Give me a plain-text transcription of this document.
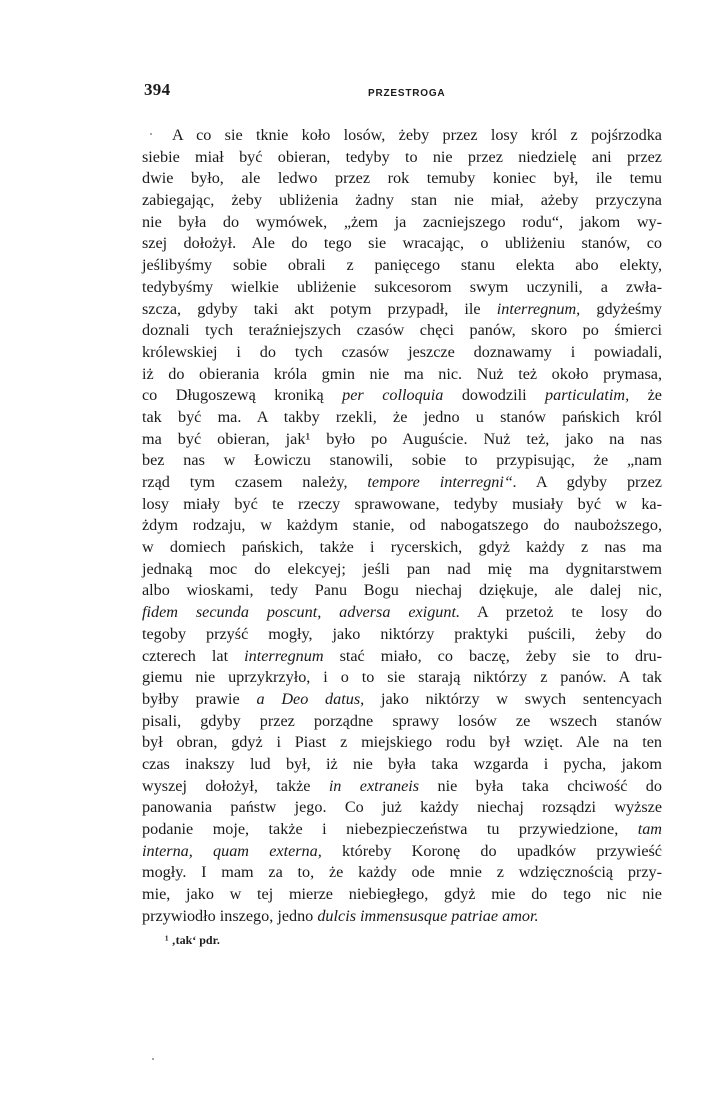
394	PRZESTROGA
A co sie tknie koło losów, żeby przez losy król z pojśrzodka
siebie miał być obieran, tedyby to nie przez niedzielę ani przez
dwie było, ale ledwo przez rok temuby koniec był, ile temu
zabiegając, żeby ubliżenia żadny stan nie miał, ażeby przyczyna
nie była do wymówek, „żem ja zacniejszego rodu“, jakom wy-
szej dołożył. Ale do tego sie wracając, o ubliżeniu stanów, co
jeślibyśmy sobie obrali z panięcego stanu elekta abo elekty,
tedybyśmy wielkie ubliżenie sukcesorom swym uczynili, a zwła-
szcza, gdyby taki akt potym przypadł, ile interregnum, gdyżeśmy
doznali tych teraźniejszych czasów chęci panów, skoro po śmierci
królewskiej i do tych czasów jeszcze doznawamy i powiadali,
iż do obierania króla gmin nie ma nic. Nuż też około prymasa,
co Długoszewą kroniką per colloquia dowodzili particulatim, że
tak być ma. A takby rzekli, że jedno u stanów pańskich król
ma być obieran, jak¹ było po Auguście. Nuż też, jako na nas
bez nas w Łowiczu stanowili, sobie to przypisując, że „nam
rząd tym czasem należy, tempore interregni“. A gdyby przez
losy miały być te rzeczy sprawowane, tedyby musiały być w ka-
żdym rodzaju, w każdym stanie, od nabogatszego do nauboższego,
w domiech pańskich, także i rycerskich, gdyż każdy z nas ma
jednaką moc do elekcyej; jeśli pan nad mię ma dygnitarstwem
albo wioskami, tedy Panu Bogu niechaj dziękuje, ale dalej nic,
fidem secunda poscunt, adversa exigunt. A przetoż te losy do
tegoby przyść mogły, jako niktórzy praktyki puścili, żeby do
czterech lat interregnum stać miało, co baczę, żeby sie to dru-
giemu nie uprzykrzyło, i o to sie starają niktórzy z panów. A tak
byłby prawie a Deo datus, jako niktórzy w swych sentencyach
pisali, gdyby przez porządne sprawy losów ze wszech stanów
był obran, gdyż i Piast z miejskiego rodu był wzięt. Ale na ten
czas inakszy lud był, iż nie była taka wzgarda i pycha, jakom
wyszej dołożył, także in extraneis nie była taka chciwość do
panowania państw jego. Co już każdy niechaj rozsądzi wyższe
podanie moje, także i niebezpieczeństwa tu przywiedzione, tam
interna, quam externa, któreby Koronę do upadków przywieść
mogły. I mam za to, że każdy ode mnie z wdzięcznością przy-
mie, jako w tej mierze niebiegłego, gdyż mie do tego nic nie
przywiodło inszego, jedno dulcis immensusque patriae amor.
¹ ‚tak‘ pdr.
